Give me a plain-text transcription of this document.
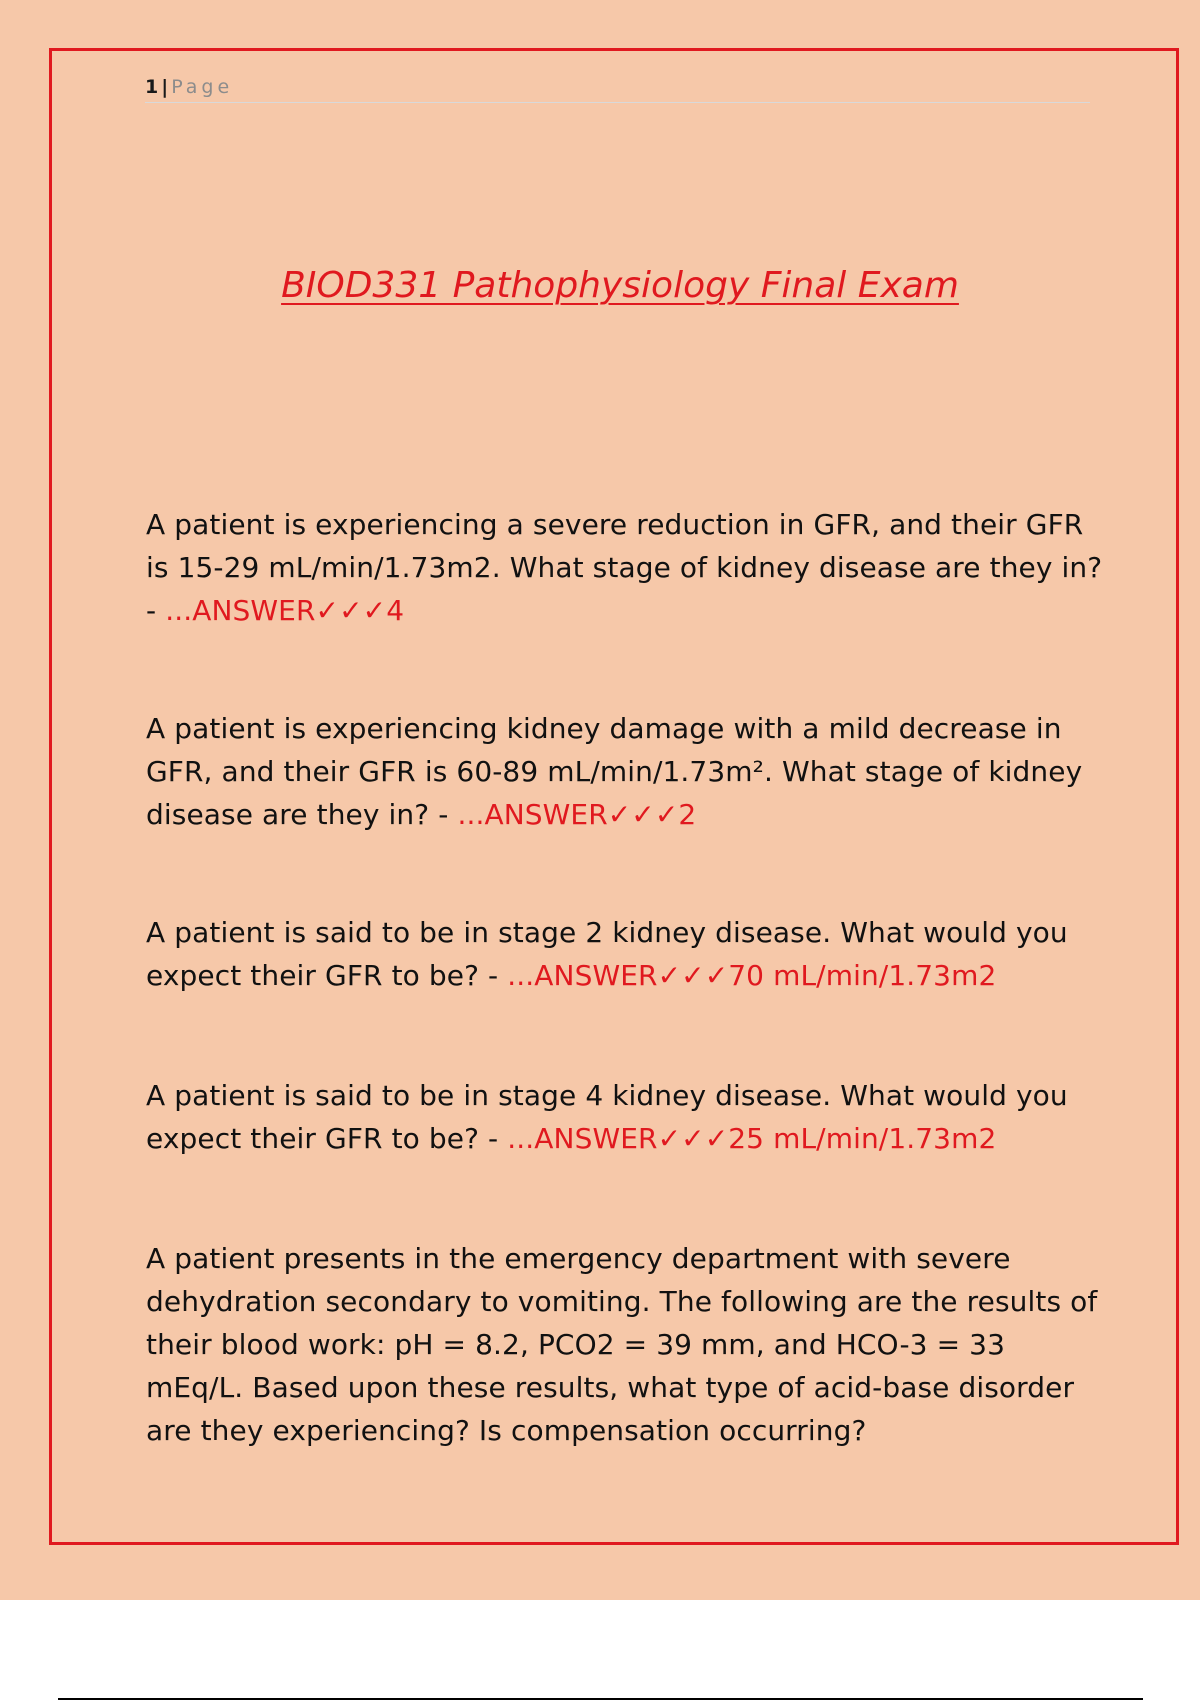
1 | Page
BIOD331 Pathophysiology Final Exam
A patient is experiencing a severe reduction in GFR, and their GFR is 15-29 mL/min/1.73m2. What stage of kidney disease are they in? - ...ANSWER✓✓✓4
A patient is experiencing kidney damage with a mild decrease in GFR, and their GFR is 60-89 mL/min/1.73m². What stage of kidney disease are they in? - ...ANSWER✓✓✓2
A patient is said to be in stage 2 kidney disease. What would you expect their GFR to be? - ...ANSWER✓✓✓70 mL/min/1.73m2
A patient is said to be in stage 4 kidney disease. What would you expect their GFR to be? - ...ANSWER✓✓✓25 mL/min/1.73m2
A patient presents in the emergency department with severe dehydration secondary to vomiting. The following are the results of their blood work: pH = 8.2, PCO2 = 39 mm, and HCO-3 = 33 mEq/L. Based upon these results, what type of acid-base disorder are they experiencing? Is compensation occurring?
